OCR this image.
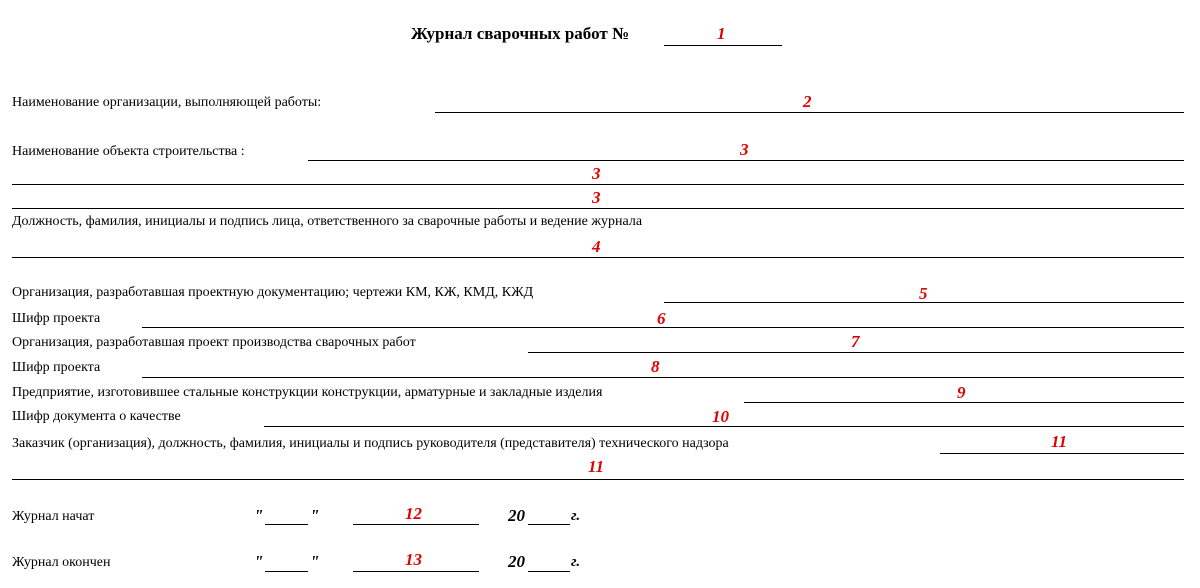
Журнал сварочных работ №	1
Наименование организации, выполняющей работы:	2
Наименование объекта строительства :	3
3
3
Должность, фамилия, инициалы и подпись лица, ответственного за сварочные работы и ведение журнала
4
Организация, разработавшая проектную документацию; чертежи КМ, КЖ, КМД, КЖД	5
Шифр проекта	6
Организация, разработавшая проект производства сварочных работ	7
Шифр проекта	8
Предприятие, изготовившее стальные конструкции конструкции, арматурные и закладные изделия	9
Шифр документа о качестве	10
Заказчик (организация), должность, фамилия, инициалы и подпись руководителя (представителя) технического надзора	11
11
Журнал начат	"	"	12	20	г.
Журнал окончен	"	"	13	20	г.
